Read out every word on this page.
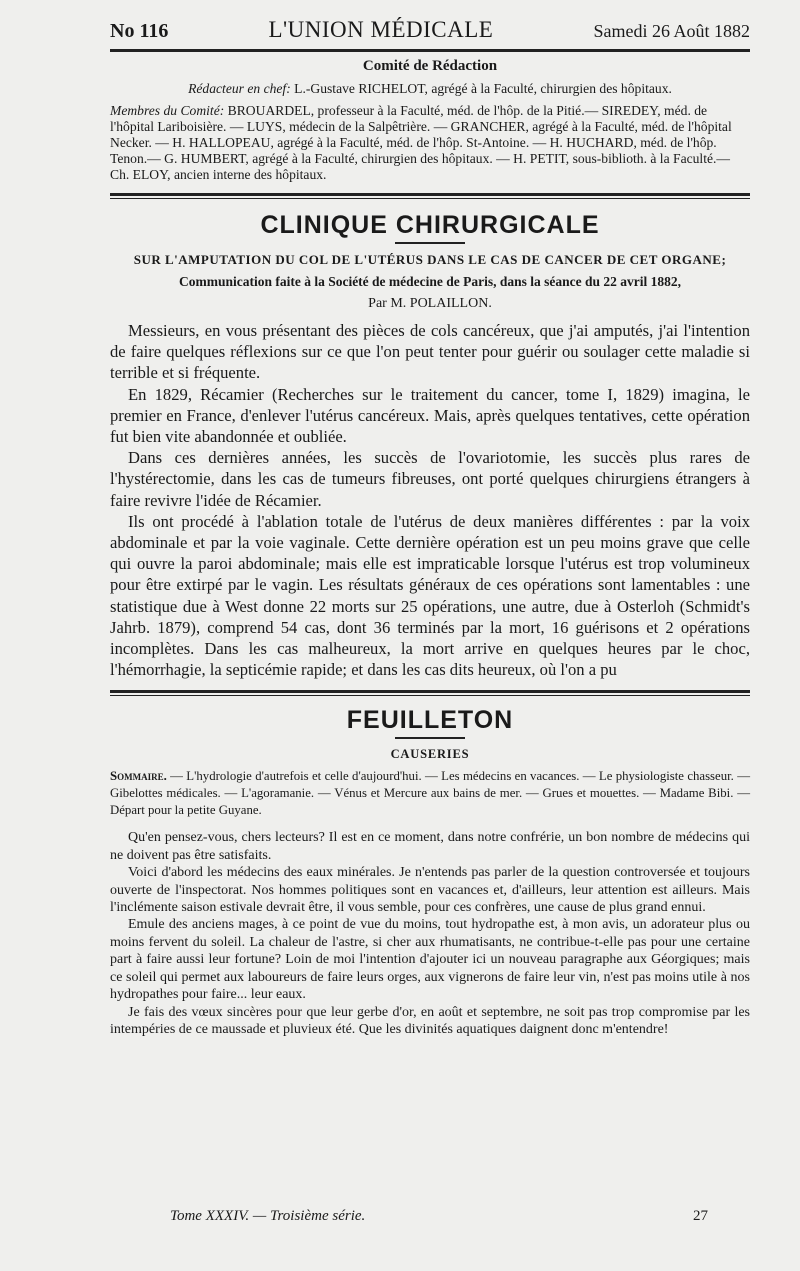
No 116	L'UNION MÉDICALE	Samedi 26 Août 1882
Comité de Rédaction

Rédacteur en chef: L.-Gustave RICHELOT, agrégé à la Faculté, chirurgien des hôpitaux.

Membres du Comité: BROUARDEL, professeur à la Faculté, méd. de l'hôp. de la Pitié.— SIREDEY, méd. de l'hôpital Lariboisière. — LUYS, médecin de la Salpêtrière. — GRANCHER, agrégé à la Faculté, méd. de l'hôpital Necker. — H. HALLOPEAU, agrégé à la Faculté, méd. de l'hôp. St-Antoine. — H. HUCHARD, méd. de l'hôp. Tenon.— G. HUMBERT, agrégé à la Faculté, chirurgien des hôpitaux. — H. PETIT, sous-biblioth. à la Faculté.— Ch. ELOY, ancien interne des hôpitaux.

CLINIQUE CHIRURGICALE
SUR L'AMPUTATION DU COL DE L'UTÉRUS DANS LE CAS DE CANCER DE CET ORGANE;
Communication faite à la Société de médecine de Paris, dans la séance du 22 avril 1882,
Par M. POLAILLON.

Messieurs, en vous présentant des pièces de cols cancéreux, que j'ai amputés, j'ai l'intention de faire quelques réflexions sur ce que l'on peut tenter pour guérir ou soulager cette maladie si terrible et si fréquente.

En 1829, Récamier (Recherches sur le traitement du cancer, tome I, 1829) imagina, le premier en France, d'enlever l'utérus cancéreux. Mais, après quelques tentatives, cette opération fut bien vite abandonnée et oubliée.

Dans ces dernières années, les succès de l'ovariotomie, les succès plus rares de l'hystérectomie, dans les cas de tumeurs fibreuses, ont porté quelques chirurgiens étrangers à faire revivre l'idée de Récamier.

Ils ont procédé à l'ablation totale de l'utérus de deux manières différentes : par la voix abdominale et par la voie vaginale. Cette dernière opération est un peu moins grave que celle qui ouvre la paroi abdominale; mais elle est impraticable lorsque l'utérus est trop volumineux pour être extirpé par le vagin. Les résultats généraux de ces opérations sont lamentables : une statistique due à West donne 22 morts sur 25 opérations, une autre, due à Osterloh (Schmidt's Jahrb. 1879), comprend 54 cas, dont 36 terminés par la mort, 16 guérisons et 2 opérations incomplètes. Dans les cas malheureux, la mort arrive en quelques heures par le choc, l'hémorrhagie, la septicémie rapide; et dans les cas dits heureux, où l'on a pu

FEUILLETON
CAUSERIES
Sommaire. — L'hydrologie d'autrefois et celle d'aujourd'hui. — Les médecins en vacances. — Le physiologiste chasseur. — Gibelottes médicales. — L'agoramanie. — Vénus et Mercure aux bains de mer. — Grues et mouettes. — Madame Bibi. — Départ pour la petite Guyane.

Qu'en pensez-vous, chers lecteurs? Il est en ce moment, dans notre confrérie, un bon nombre de médecins qui ne doivent pas être satisfaits.

Voici d'abord les médecins des eaux minérales. Je n'entends pas parler de la question controversée et toujours ouverte de l'inspectorat. Nos hommes politiques sont en vacances et, d'ailleurs, leur attention est ailleurs. Mais l'inclémente saison estivale devrait être, il vous semble, pour ces confrères, une cause de plus grand ennui.

Emule des anciens mages, à ce point de vue du moins, tout hydropathe est, à mon avis, un adorateur plus ou moins fervent du soleil. La chaleur de l'astre, si cher aux rhumatisants, ne contribue-t-elle pas pour une certaine part à faire aussi leur fortune? Loin de moi l'intention d'ajouter ici un nouveau paragraphe aux Géorgiques; mais ce soleil qui permet aux laboureurs de faire leurs orges, aux vignerons de faire leur vin, n'est pas moins utile à nos hydropathes pour faire... leur eaux.

Je fais des vœux sincères pour que leur gerbe d'or, en août et septembre, ne soit pas trop compromise par les intempéries de ce maussade et pluvieux été. Que les divinités aquatiques daignent donc m'entendre!

Tome XXXIV. — Troisième série.	27
